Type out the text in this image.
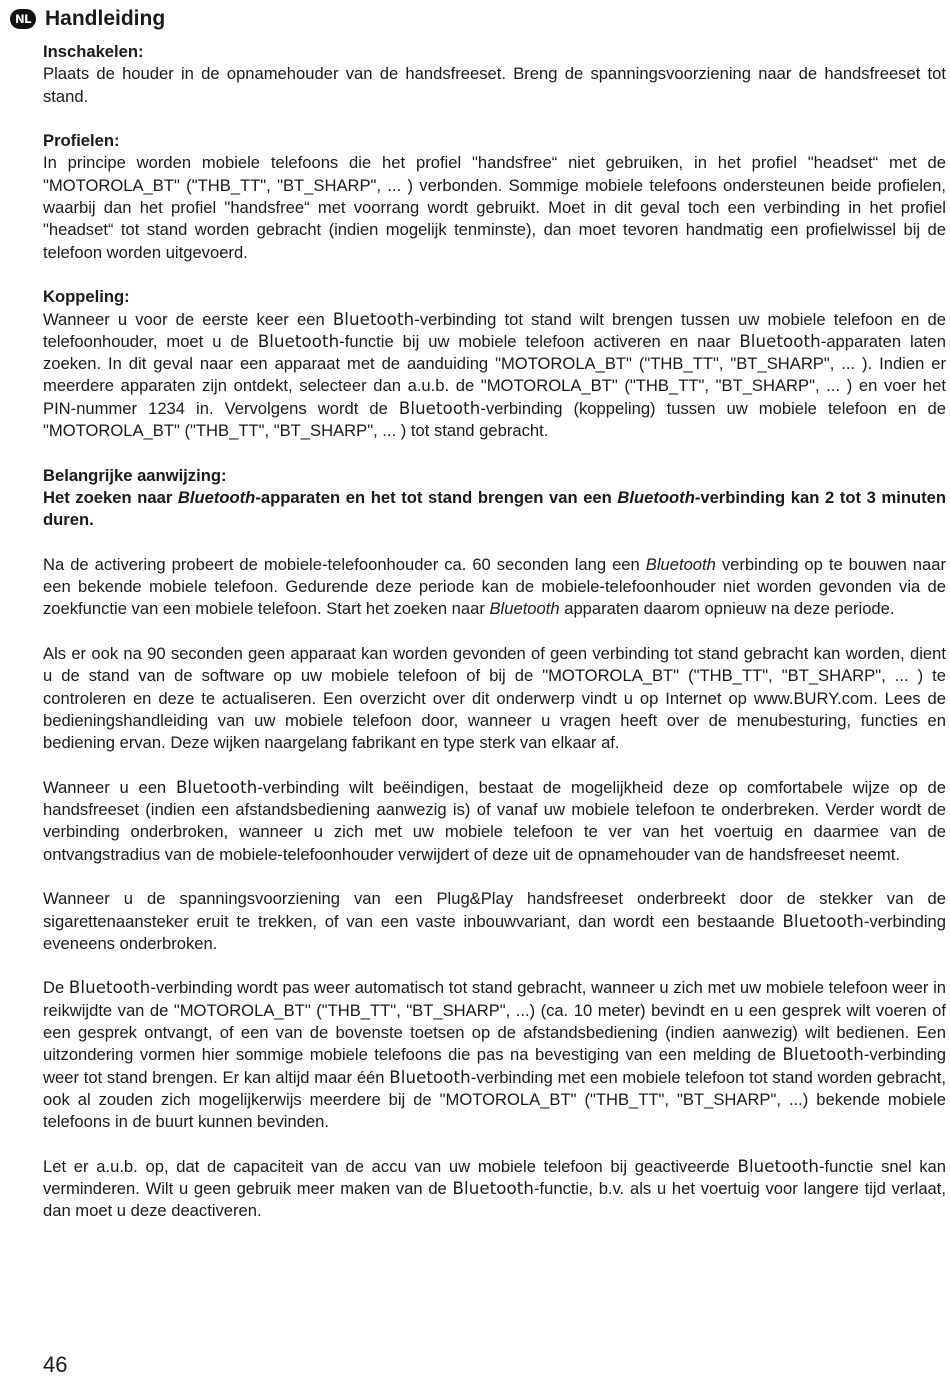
NL Handleiding
Inschakelen:

Plaats de houder in de opnamehouder van de handsfreeset. Breng de spanningsvoorziening naar de handsfreeset tot stand.

Profielen:

In principe worden mobiele telefoons die het profiel "handsfree“ niet gebruiken, in het profiel "headset“ met de "MOTOROLA_BT" ("THB_TT", "BT_SHARP", ... ) verbonden. Sommige mobiele telefoons ondersteunen beide profielen, waarbij dan het profiel "handsfree“ met voorrang wordt gebruikt. Moet in dit geval toch een verbinding in het profiel "headset“ tot stand worden gebracht (indien mogelijk tenminste), dan moet tevoren handmatig een profielwissel bij de telefoon worden uitgevoerd.

Koppeling:

Wanneer u voor de eerste keer een Bluetooth-verbinding tot stand wilt brengen tussen uw mobiele telefoon en de telefoonhouder, moet u de Bluetooth-functie bij uw mobiele telefoon activeren en naar Bluetooth-apparaten laten zoeken. In dit geval naar een apparaat met de aanduiding "MOTOROLA_BT" ("THB_TT", "BT_SHARP", ... ). Indien er meerdere apparaten zijn ontdekt, selecteer dan a.u.b. de "MOTOROLA_BT" ("THB_TT", "BT_SHARP", ... ) en voer het PIN-nummer 1234 in. Vervolgens wordt de Bluetooth-verbinding (koppeling) tussen uw mobiele telefoon en de "MOTOROLA_BT" ("THB_TT", "BT_SHARP", ... ) tot stand gebracht.

Belangrijke aanwijzing:

Het zoeken naar Bluetooth-apparaten en het tot stand brengen van een Bluetooth-verbinding kan 2 tot 3 minuten duren.

Na de activering probeert de mobiele-telefoonhouder ca. 60 seconden lang een Bluetooth verbinding op te bouwen naar een bekende mobiele telefoon. Gedurende deze periode kan de mobiele-telefoonhouder niet worden gevonden via de zoekfunctie van een mobiele telefoon. Start het zoeken naar Bluetooth apparaten daarom opnieuw na deze periode.

Als er ook na 90 seconden geen apparaat kan worden gevonden of geen verbinding tot stand gebracht kan worden, dient u de stand van de software op uw mobiele telefoon of bij de "MOTOROLA_BT" ("THB_TT", "BT_SHARP", ... ) te controleren en deze te actualiseren. Een overzicht over dit onderwerp vindt u op Internet op www.BURY.com. Lees de bedieningshandleiding van uw mobiele telefoon door, wanneer u vragen heeft over de menubesturing, functies en bediening ervan. Deze wijken naargelang fabrikant en type sterk van elkaar af.

Wanneer u een Bluetooth-verbinding wilt beëindigen, bestaat de mogelijkheid deze op comfortabele wijze op de handsfreeset (indien een afstandsbediening aanwezig is) of vanaf uw mobiele telefoon te onderbreken. Verder wordt de verbinding onderbroken, wanneer u zich met uw mobiele telefoon te ver van het voertuig en daarmee van de ontvangstradius van de mobiele-telefoonhouder verwijdert of deze uit de opnamehouder van de handsfreeset neemt.

Wanneer u de spanningsvoorziening van een Plug&Play handsfreeset onderbreekt door de stekker van de sigarettenaansteker eruit te trekken, of van een vaste inbouwvariant, dan wordt een bestaande Bluetooth-verbinding eveneens onderbroken.

De Bluetooth-verbinding wordt pas weer automatisch tot stand gebracht, wanneer u zich met uw mobiele telefoon weer in reikwijdte van de "MOTOROLA_BT" ("THB_TT", "BT_SHARP", ...) (ca. 10 meter) bevindt en u een gesprek wilt voeren of een gesprek ontvangt, of een van de bovenste toetsen op de afstandsbediening (indien aanwezig) wilt bedienen. Een uitzondering vormen hier sommige mobiele telefoons die pas na bevestiging van een melding de Bluetooth-verbinding weer tot stand brengen. Er kan altijd maar één Bluetooth-verbinding met een mobiele telefoon tot stand worden gebracht, ook al zouden zich mogelijkerwijs meerdere bij de "MOTOROLA_BT" ("THB_TT", "BT_SHARP", ...) bekende mobiele telefoons in de buurt kunnen bevinden.

Let er a.u.b. op, dat de capaciteit van de accu van uw mobiele telefoon bij geactiveerde Bluetooth-functie snel kan verminderen. Wilt u geen gebruik meer maken van de Bluetooth-functie, b.v. als u het voertuig voor langere tijd verlaat, dan moet u deze deactiveren.

46
